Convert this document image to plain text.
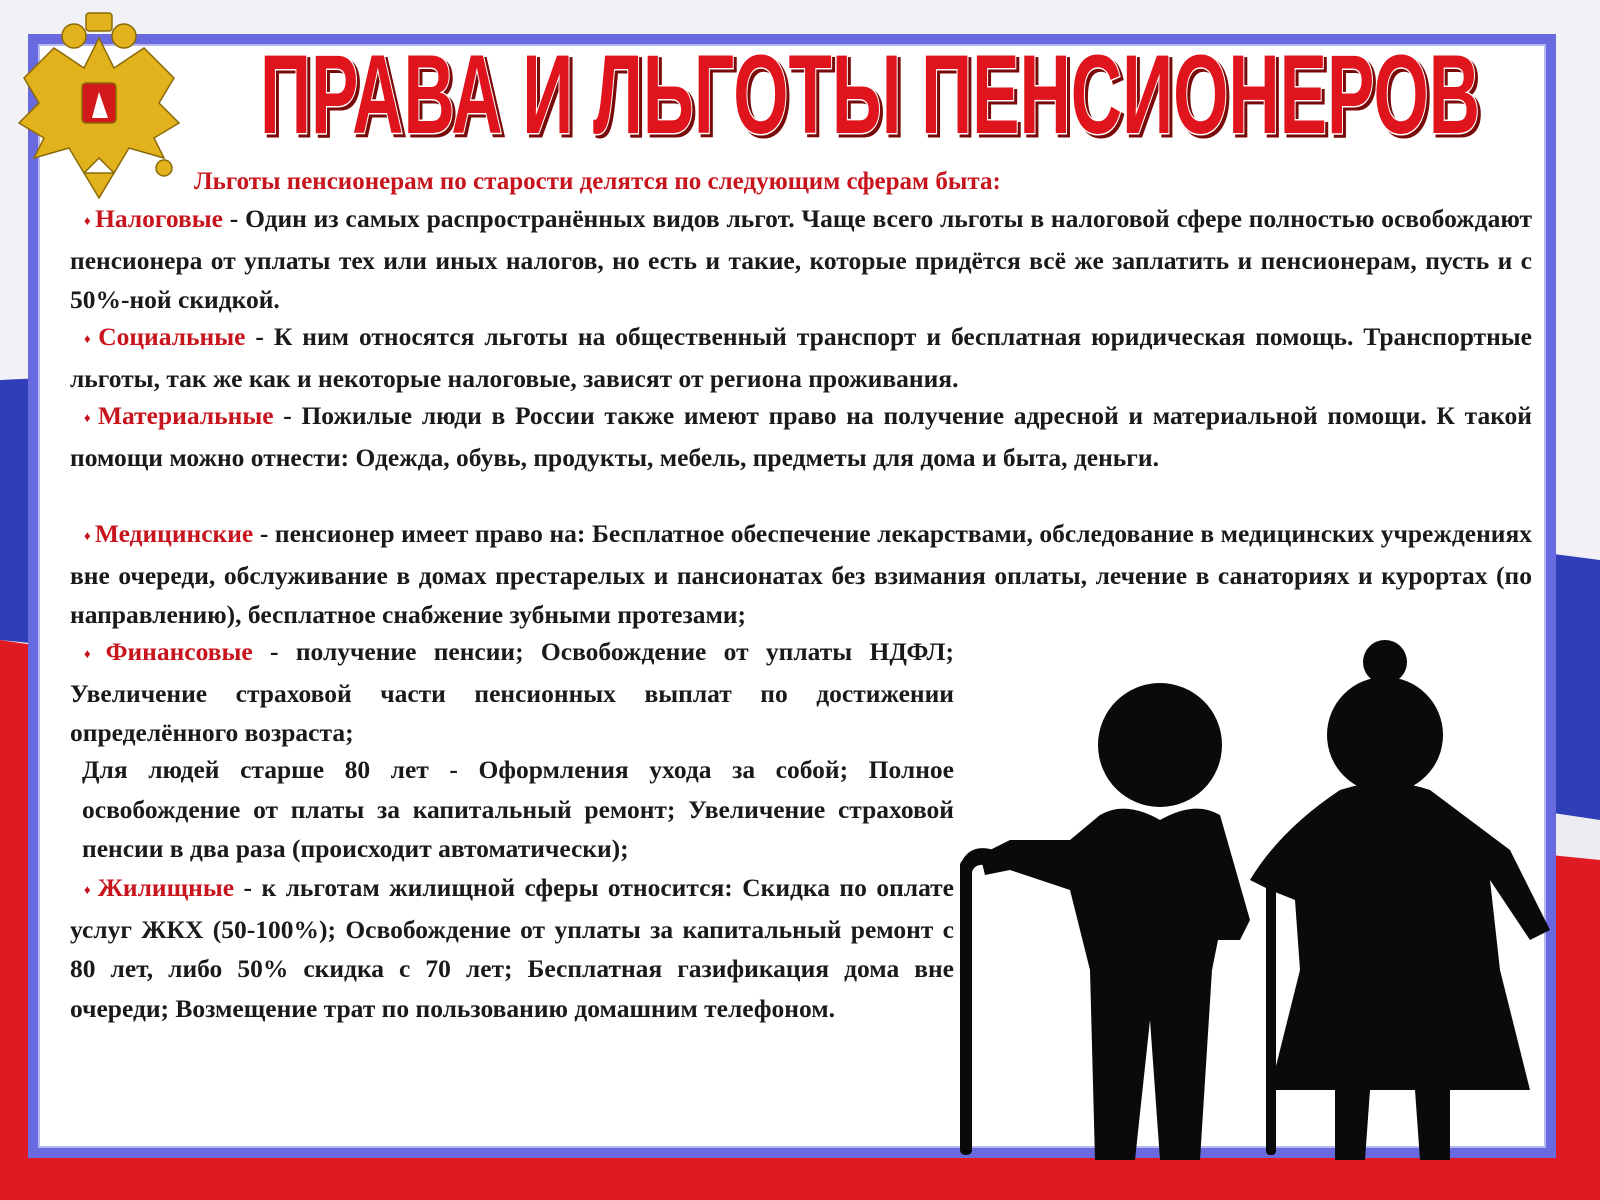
ПРАВА И ЛЬГОТЫ ПЕНСИОНЕРОВ
Льготы пенсионерам по старости делятся по следующим сферам быта:
♦ Налоговые - Один из самых распространённых видов льгот. Чаще всего льготы в налоговой сфере полностью освобождают пенсионера от уплаты тех или иных налогов, но есть и такие, которые придётся всё же заплатить и пенсионерам, пусть и с 50%-ной скидкой.
♦ Социальные - К ним относятся льготы на общественный транспорт и бесплатная юридическая помощь. Транспортные льготы, так же как и некоторые налоговые, зависят от региона проживания.
♦ Материальные - Пожилые люди в России также имеют право на получение адресной и материальной помощи. К такой помощи можно отнести: Одежда, обувь, продукты, мебель, предметы для дома и быта, деньги.
♦ Медицинские - пенсионер имеет право на: Бесплатное обеспечение лекарствами, обследование в медицинских учреждениях вне очереди, обслуживание в домах престарелых и пансионатах без взимания оплаты, лечение в санаториях и курортах (по направлению), бесплатное снабжение зубными протезами;
♦ Финансовые - получение пенсии; Освобождение от уплаты НДФЛ; Увеличение страховой части пенсионных выплат по достижении определённого возраста;
Для людей старше 80 лет - Оформления ухода за собой; Полное освобождение от платы за капитальный ремонт; Увеличение страховой пенсии в два раза (происходит автоматически);
♦ Жилищные - к льготам жилищной сферы относится: Скидка по оплате услуг ЖКХ (50-100%); Освобождение от уплаты за капитальный ремонт с 80 лет, либо 50% скидка с 70 лет; Бесплатная газификация дома вне очереди; Возмещение трат по пользованию домашним телефоном.
